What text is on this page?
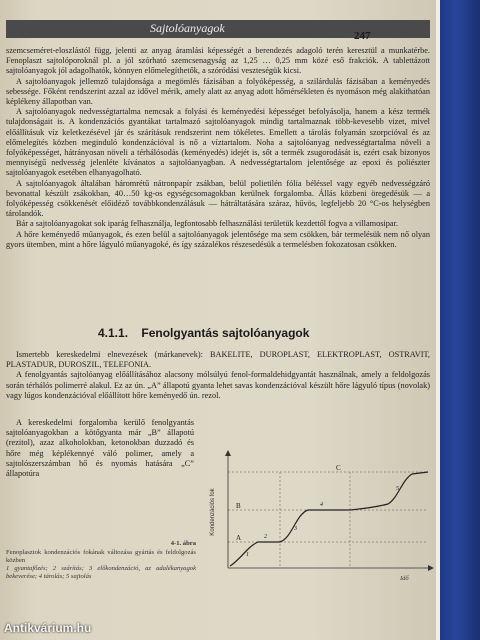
Sajtolóanyagok
247

szemcseméret-eloszlástól függ, jelenti az anyag áramlási képességét a berendezés adagoló terén keresztül a munkatérbe. Fenoplaszt sajtolóporoknál pl. a jól szórható szemcsenagyság az 1,25 … 0,25 mm közé eső frakciók. A tablettázott sajtolóanyagok jól adagolhatók, könnyen előmelegíthetők, a szóródási veszteségük kicsi.

A sajtolóanyagok jellemző tulajdonsága a megömlés fázisában a folyóképesség, a szilárdulás fázisában a keményedés sebessége. Főként rendszerint azzal az idővel mérik, amely alatt az anyag adott hőmérsékleten és nyomáson még alakíthatóan képlékeny állapotban van.

A sajtolóanyagok nedvességtartalma nemcsak a folyási és keményedési képességet befolyásolja, hanem a kész termék tulajdonságait is. A kondenzációs gyantákat tartalmazó sajtolóanyagok mindig tartalmaznak több-kevesebb vizet, mivel előállításuk víz keletkezésével jár és szárításuk rendszerint nem tökéletes. Emellett a tárolás folyamán szorpcióval és az előmelegítés közben meginduló kondenzációval is nő a víztartalom. Noha a sajtolóanyag nedvességtartalma növeli a folyóképességet, hátrányosan növeli a térhálósodás (keményedés) idejét is, sőt a termék zsugorodását is, ezért csak bizonyos mennyiségű nedvesség jelenléte kívánatos a sajtolóanyagban. A nedvességtartalom jelentősége az epoxi és poliészter sajtolóanyagok esetében elhanyagolható.

A sajtolóanyagok általában háromrétű nátronpapír zsákban, belül polietilén fólia béléssel vagy egyéb nedvességzáró bevonattal készült zsákokban, 40…50 kg-os egységcsomagokban kerülnek forgalomba. Állás közbeni öregedésük — a folyóképesség csökkenését előidéző továbbkondenzálásuk — hátráltatására száraz, hűvös, legfeljebb 20 °C-os helységben tárolandók.

Bár a sajtolóanyagokat sok iparág felhasználja, legfontosabb felhasználási területük kezdettől fogva a villamosipar.

A hőre keményedő műanyagok, és ezen belül a sajtolóanyagok jelentősége ma sem csökken, bár termelésük nem nő olyan gyors ütemben, mint a hőre lágyuló műanyagoké, és így százalékos részesedésük a termelésben fokozatosan csökken.

4.1.1. Fenolgyantás sajtolóanyagok

Ismertebb kereskedelmi elnevezések (márkanevek): BAKELITE, DUROPLAST, ELEKTROPLAST, OSTRAVIT, PLASTADUR, DUROSZIL, TELEFONIA.

A fenolgyantás sajtolóanyag előállításához alacsony mólsúlyú fenol-formaldehidgyantát használnak, amely a feldolgozás során térhálós polimerré alakul. Ez az ún. „A” állapotú gyanta lehet savas kondenzációval készült hőre lágyuló típus (novolak) vagy lúgos kondenzációval előállított hőre keményedő ún. rezol.

A kereskedelmi forgalomba kerülő fenolgyantás sajtolóanyagokban a kötőgyanta már „B” állapotú (rezitol), azaz alkoholokban, ketonokban duzzadó és hőre még képlékennyé váló polimer, amely a sajtolószerszámban hő és nyomás hatására „C” állapotúra

4-1. ábra
Fenoplasztok kondenzációs fokának változása gyártás és feldolgozás közben
1 gyantafőzés; 2 szárítás; 3 előkondenzáció, az adalékanyagok bekeverése; 4 tárolás; 5 sajtolás
Kondenzációs fok
Idő
A
B
C
1
2
3
4
5
Antikvárium.hu
